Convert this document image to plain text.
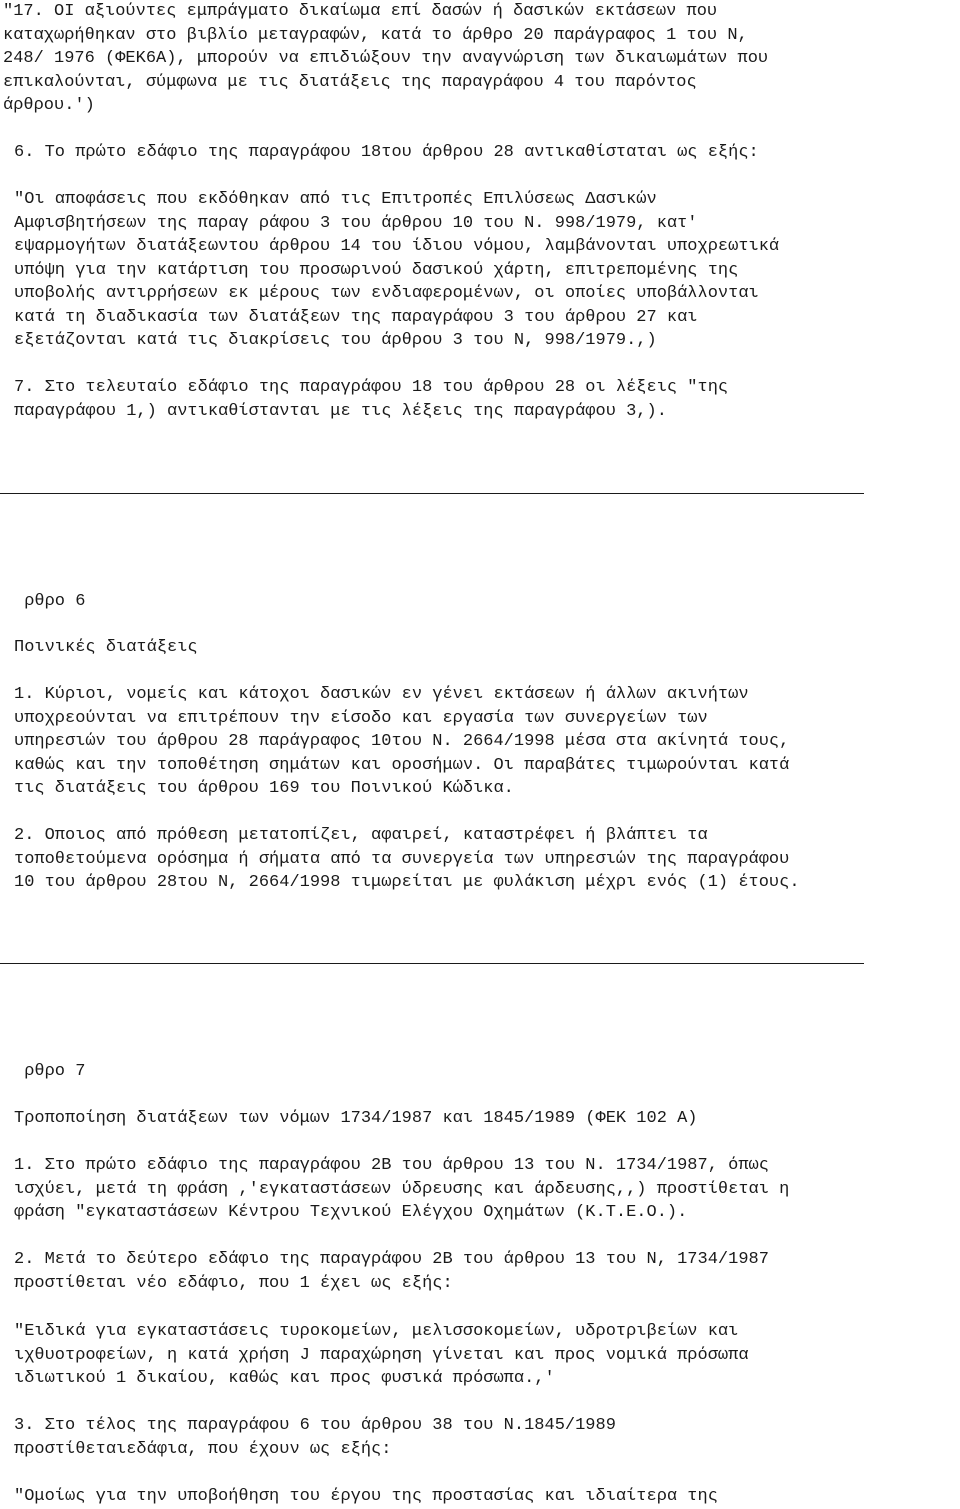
"17. ΟΙ αξιούντες εμπράγματο δικαίωμα επί δασών ή δασικών εκτάσεων που
καταχωρήθηκαν στο βιβλίο μεταγραφών, κατά το άρθρο 20 παράγραφος 1 του Ν,
248/ 1976 (ΦΕΚ6Α), μπορούν να επιδιώξουν την αναγνώριση των δικαιωμάτων που
επικαλούνται, σύμφωνα με τις διατάξεις της παραγράφου 4 του παρόντος
άρθρου.')

6. Το πρώτο εδάφιο της παραγράφου 18του άρθρου 28 αντικαθίσταται ως εξής:

"Οι αποφάσεις που εκδόθηκαν από τις Επιτροπές Επιλύσεως Δασικών
Αμφισβητήσεων της παραγ ράφου 3 του άρθρου 10 του Ν. 998/1979, κατ'
εψαρμογήτων διατάξεωντου άρθρου 14 του ίδιου νόμου, λαμβάνονται υποχρεωτικά
υπόψη για την κατάρτιση του προσωρινού δασικού χάρτη, επιτρεπομένης της
υποβολής αντιρρήσεων εκ μέρους των ενδιαφερομένων, οι οποίες υποβάλλονται
κατά τη διαδικασία των διατάξεων της παραγράφου 3 του άρθρου 27 και
εξετάζονται κατά τις διακρίσεις του άρθρου 3 του Ν, 998/1979.,)

7. Στο τελευταίο εδάφιο της παραγράφου 18 του άρθρου 28 οι λέξεις "της
παραγράφου 1,) αντικαθίστανται με τις λέξεις της παραγράφου 3,).

ρθρο 6

Ποινικές διατάξεις

1. Κύριοι, νομείς και κάτοχοι δασικών εν γένει εκτάσεων ή άλλων ακινήτων
υποχρεούνται να επιτρέπουν την είσοδο και εργασία των συνεργείων των
υπηρεσιών του άρθρου 28 παράγραφος 10του Ν. 2664/1998 μέσα στα ακίνητά τους,
καθώς και την τοποθέτηση σημάτων και οροσήμων. Οι παραβάτες τιμωρούνται κατά
τις διατάξεις του άρθρου 169 του Ποινικού Κώδικα.

2. Οποιος από πρόθεση μετατοπίζει, αφαιρεί, καταστρέφει ή βλάπτει τα
τοποθετούμενα ορόσημα ή σήματα από τα συνεργεία των υπηρεσιών της παραγράφου
10 του άρθρου 28του Ν, 2664/1998 τιμωρείται με φυλάκιση μέχρι ενός (1) έτους.

ρθρο 7

Τροποποίηση διατάξεων των νόμων 1734/1987 και 1845/1989 (ΦΕΚ 102 Α)

1. Στο πρώτο εδάφιο της παραγράφου 2Β του άρθρου 13 του Ν. 1734/1987, όπως
ισχύει, μετά τη φράση ,'εγκαταστάσεων ύδρευσης και άρδευσης,,) προστίθεται η
φράση "εγκαταστάσεων Κέντρου Τεχνικού Ελέγχου Οχημάτων (Κ.Τ.Ε.Ο.).

2. Μετά το δεύτερο εδάφιο της παραγράφου 2Β του άρθρου 13 του Ν, 1734/1987
προστίθεται νέο εδάφιο, που 1 έχει ως εξής:

"Ειδικά για εγκαταστάσεις τυροκομείων, μελισσοκομείων, υδροτριβείων και
ιχθυοτροφείων, η κατά χρήση J παραχώρηση γίνεται και προς νομικά πρόσωπα
ιδιωτικού 1 δικαίου, καθώς και προς φυσικά πρόσωπα.,'

3. Στο τέλος της παραγράφου 6 του άρθρου 38 του Ν.1845/1989
προστίθεταιεδάφια, που έχουν ως εξής:

"Ομοίως για την υποβοήθηση του έργου της προστασίας και ιδιαίτερα της
